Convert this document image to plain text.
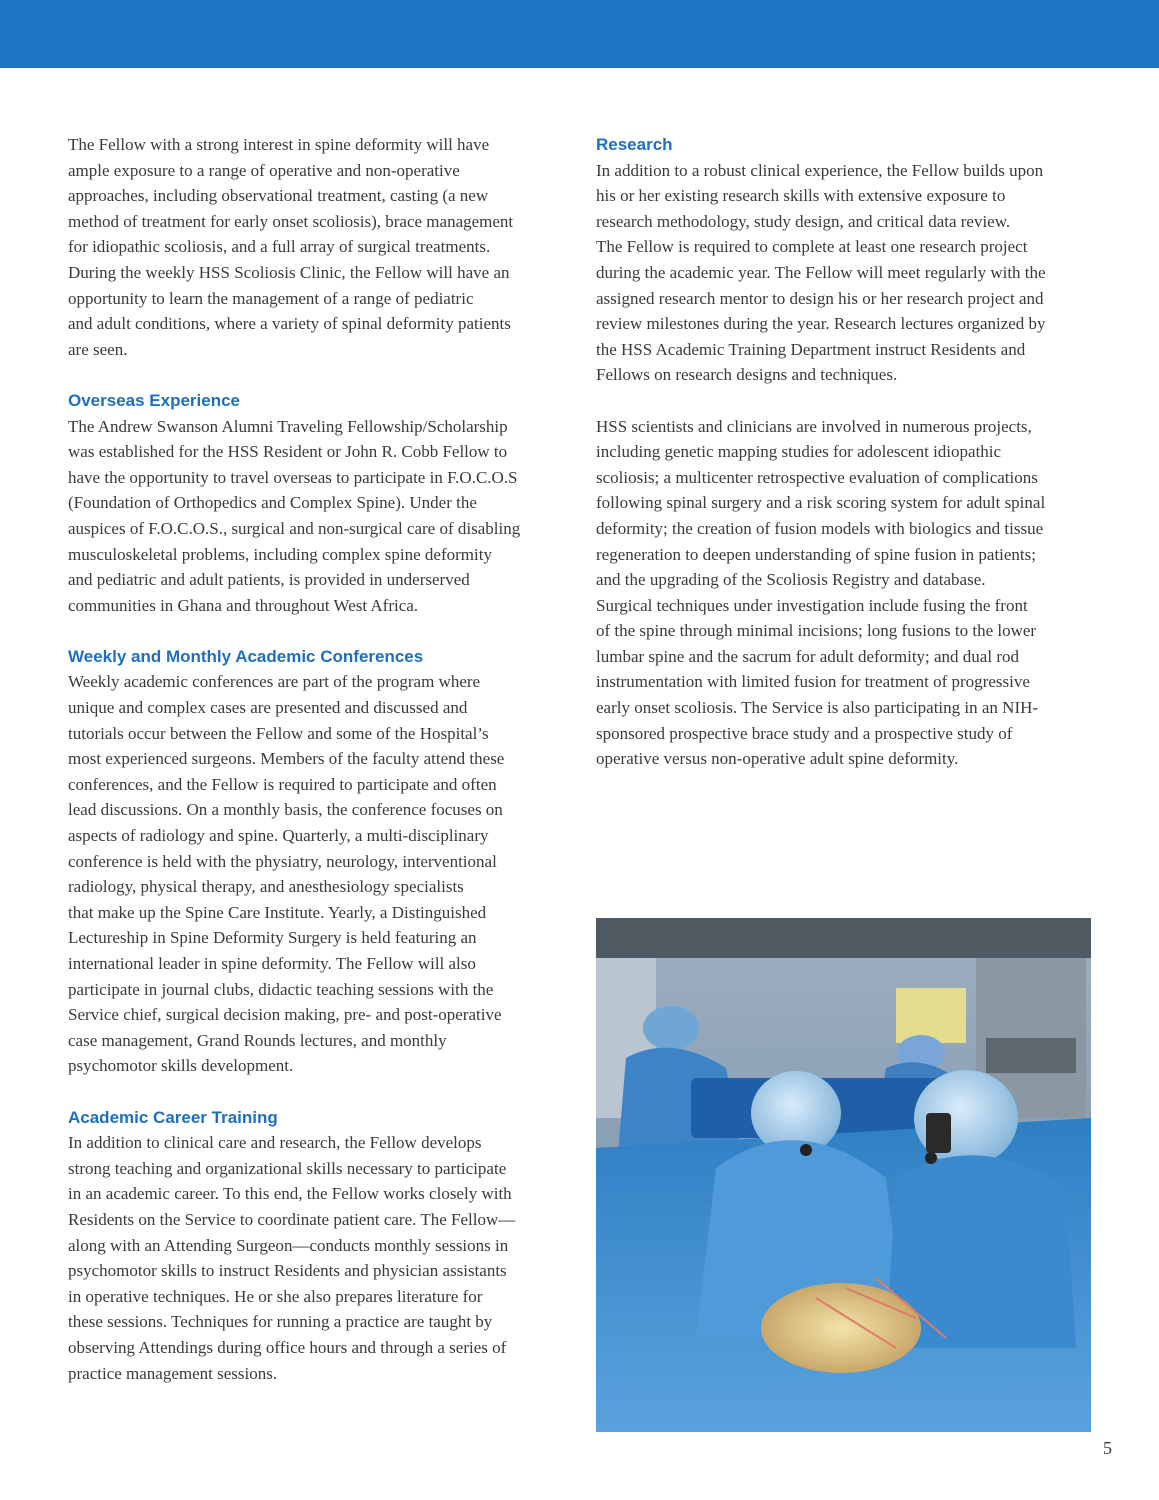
The Fellow with a strong interest in spine deformity will have
ample exposure to a range of operative and non-operative
approaches, including observational treatment, casting (a new
method of treatment for early onset scoliosis), brace management
for idiopathic scoliosis, and a full array of surgical treatments.
During the weekly HSS Scoliosis Clinic, the Fellow will have an
opportunity to learn the management of a range of pediatric
and adult conditions, where a variety of spinal deformity patients
are seen.

Overseas Experience

The Andrew Swanson Alumni Traveling Fellowship/Scholarship
was established for the HSS Resident or John R. Cobb Fellow to
have the opportunity to travel overseas to participate in F.O.C.O.S
(Foundation of Orthopedics and Complex Spine). Under the
auspices of F.O.C.O.S., surgical and non-surgical care of disabling
musculoskeletal problems, including complex spine deformity
and pediatric and adult patients, is provided in underserved
communities in Ghana and throughout West Africa.

Weekly and Monthly Academic Conferences

Weekly academic conferences are part of the program where
unique and complex cases are presented and discussed and
tutorials occur between the Fellow and some of the Hospital’s
most experienced surgeons. Members of the faculty attend these
conferences, and the Fellow is required to participate and often
lead discussions. On a monthly basis, the conference focuses on
aspects of radiology and spine. Quarterly, a multi-disciplinary
conference is held with the physiatry, neurology, interventional
radiology, physical therapy, and anesthesiology specialists
that make up the Spine Care Institute. Yearly, a Distinguished
Lectureship in Spine Deformity Surgery is held featuring an
international leader in spine deformity. The Fellow will also
participate in journal clubs, didactic teaching sessions with the
Service chief, surgical decision making, pre- and post-operative
case management, Grand Rounds lectures, and monthly
psychomotor skills development.

Academic Career Training

In addition to clinical care and research, the Fellow develops
strong teaching and organizational skills necessary to participate
in an academic career. To this end, the Fellow works closely with
Residents on the Service to coordinate patient care. The Fellow—
along with an Attending Surgeon—conducts monthly sessions in
psychomotor skills to instruct Residents and physician assistants
in operative techniques. He or she also prepares literature for
these sessions. Techniques for running a practice are taught by
observing Attendings during office hours and through a series of
practice management sessions.

Research

In addition to a robust clinical experience, the Fellow builds upon
his or her existing research skills with extensive exposure to
research methodology, study design, and critical data review.
The Fellow is required to complete at least one research project
during the academic year. The Fellow will meet regularly with the
assigned research mentor to design his or her research project and
review milestones during the year. Research lectures organized by
the HSS Academic Training Department instruct Residents and
Fellows on research designs and techniques.

HSS scientists and clinicians are involved in numerous projects,
including genetic mapping studies for adolescent idiopathic
scoliosis; a multicenter retrospective evaluation of complications
following spinal surgery and a risk scoring system for adult spinal
deformity; the creation of fusion models with biologics and tissue
regeneration to deepen understanding of spine fusion in patients;
and the upgrading of the Scoliosis Registry and database.
Surgical techniques under investigation include fusing the front
of the spine through minimal incisions; long fusions to the lower
lumbar spine and the sacrum for adult deformity; and dual rod
instrumentation with limited fusion for treatment of progressive
early onset scoliosis. The Service is also participating in an NIH-
sponsored prospective brace study and a prospective study of
operative versus non-operative adult spine deformity.

5
